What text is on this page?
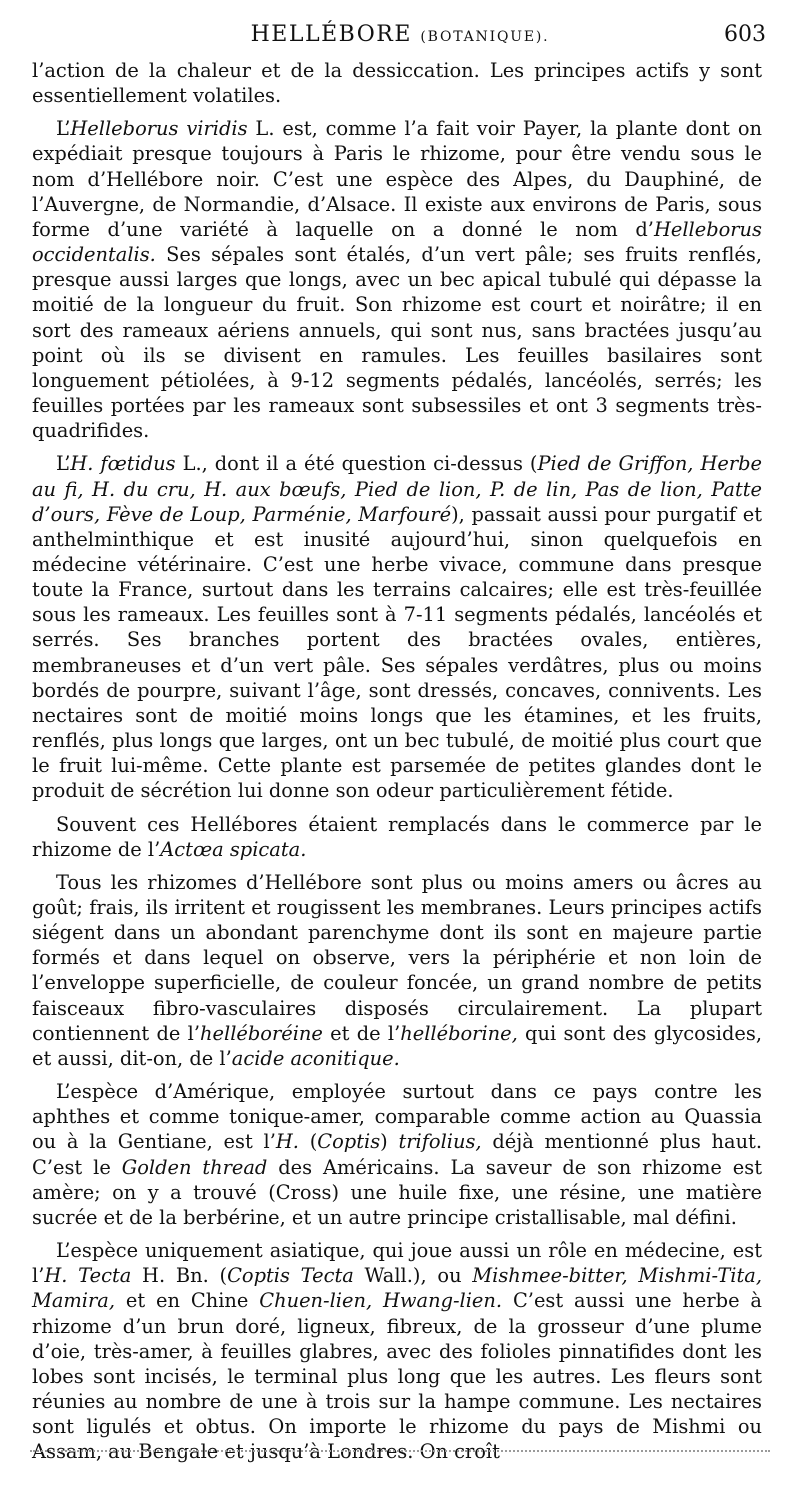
HELLÉBORE (BOTANIQUE).	603

l’action de la chaleur et de la dessiccation. Les principes actifs y sont essentiellement volatiles.

L’Helleborus viridis L. est, comme l’a fait voir Payer, la plante dont on expédiait presque toujours à Paris le rhizome, pour être vendu sous le nom d’Hellébore noir. C’est une espèce des Alpes, du Dauphiné, de l’Auvergne, de Normandie, d’Alsace. Il existe aux environs de Paris, sous forme d’une variété à laquelle on a donné le nom d’Helleborus occidentalis. Ses sépales sont étalés, d’un vert pâle; ses fruits renflés, presque aussi larges que longs, avec un bec apical tubulé qui dépasse la moitié de la longueur du fruit. Son rhizome est court et noirâtre; il en sort des rameaux aériens annuels, qui sont nus, sans bractées jusqu’au point où ils se divisent en ramules. Les feuilles basilaires sont longuement pétiolées, à 9-12 segments pédalés, lancéolés, serrés; les feuilles portées par les rameaux sont subsessiles et ont 3 segments très-quadrifides.

L’H. fœtidus L., dont il a été question ci-dessus (Pied de Griffon, Herbe au fi, H. du cru, H. aux bœufs, Pied de lion, P. de lin, Pas de lion, Patte d’ours, Fève de Loup, Parménie, Marfouré), passait aussi pour purgatif et anthelminthique et est inusité aujourd’hui, sinon quelquefois en médecine vétérinaire. C’est une herbe vivace, commune dans presque toute la France, surtout dans les terrains calcaires; elle est très-feuillée sous les rameaux. Les feuilles sont à 7-11 segments pédalés, lancéolés et serrés. Ses branches portent des bractées ovales, entières, membraneuses et d’un vert pâle. Ses sépales verdâtres, plus ou moins bordés de pourpre, suivant l’âge, sont dressés, concaves, connivents. Les nectaires sont de moitié moins longs que les étamines, et les fruits, renflés, plus longs que larges, ont un bec tubulé, de moitié plus court que le fruit lui-même. Cette plante est parsemée de petites glandes dont le produit de sécrétion lui donne son odeur particulièrement fétide.

Souvent ces Hellébores étaient remplacés dans le commerce par le rhizome de l’Actœa spicata.

Tous les rhizomes d’Hellébore sont plus ou moins amers ou âcres au goût; frais, ils irritent et rougissent les membranes. Leurs principes actifs siégent dans un abondant parenchyme dont ils sont en majeure partie formés et dans lequel on observe, vers la périphérie et non loin de l’enveloppe superficielle, de couleur foncée, un grand nombre de petits faisceaux fibro-vasculaires disposés circulairement. La plupart contiennent de l’helléboréine et de l’helléborine, qui sont des glycosides, et aussi, dit-on, de l’acide aconitique.

L’espèce d’Amérique, employée surtout dans ce pays contre les aphthes et comme tonique-amer, comparable comme action au Quassia ou à la Gentiane, est l’H. (Coptis) trifolius, déjà mentionné plus haut. C’est le Golden thread des Américains. La saveur de son rhizome est amère; on y a trouvé (Cross) une huile fixe, une résine, une matière sucrée et de la berbérine, et un autre principe cristallisable, mal défini.

L’espèce uniquement asiatique, qui joue aussi un rôle en médecine, est l’H. Tecta H. Bn. (Coptis Tecta Wall.), ou Mishmee-bitter, Mishmi-Tita, Mamira, et en Chine Chuen-lien, Hwang-lien. C’est aussi une herbe à rhizome d’un brun doré, ligneux, fibreux, de la grosseur d’une plume d’oie, très-amer, à feuilles glabres, avec des folioles pinnatifides dont les lobes sont incisés, le terminal plus long que les autres. Les fleurs sont réunies au nombre de une à trois sur la hampe commune. Les nectaires sont ligulés et obtus. On importe le rhizome du pays de Mishmi ou Assam, au Bengale et jusqu’à Londres. On croît
